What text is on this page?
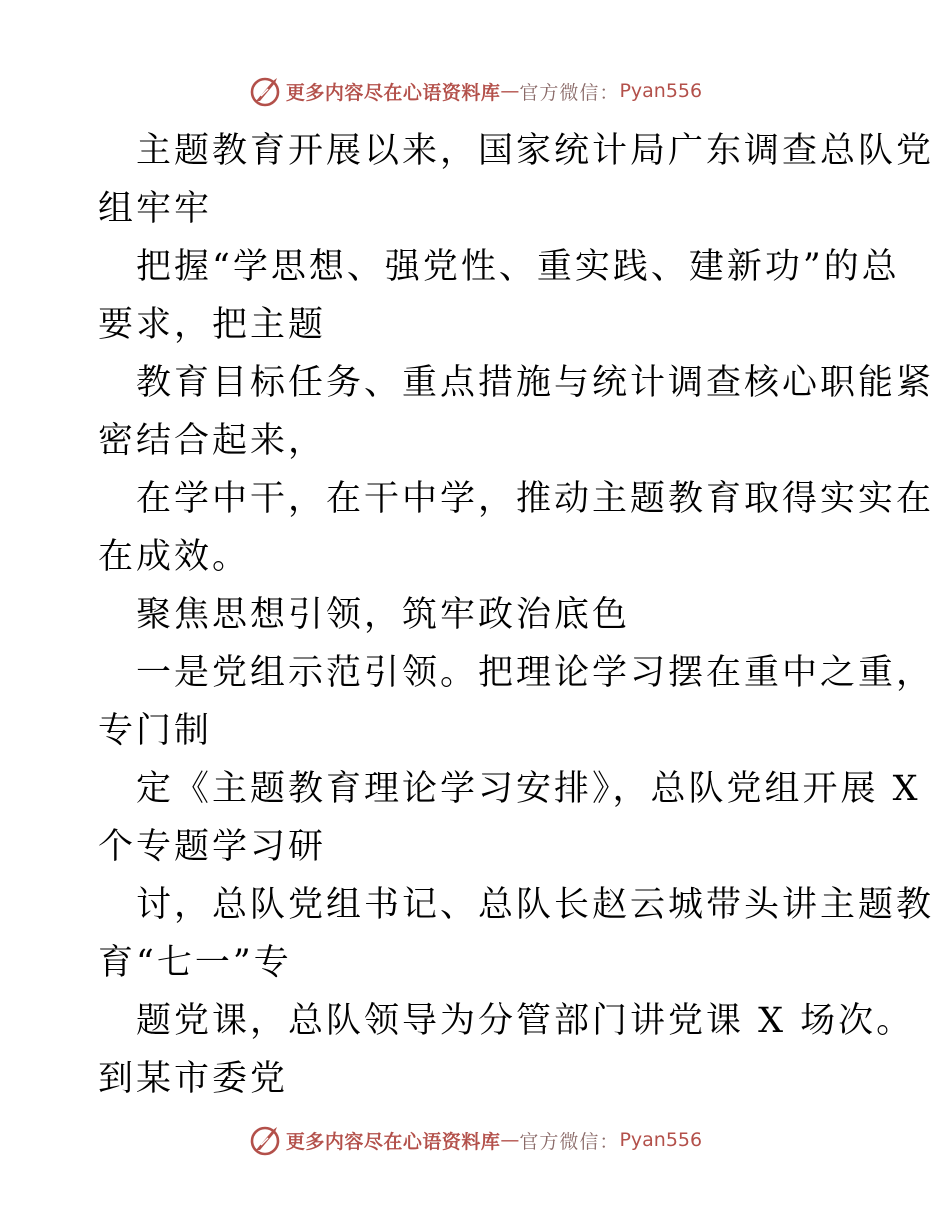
更多内容尽在心语资料库 — 官方微信： Pyan556
主题教育开展以来，国家统计局广东调查总队党
组牢牢
把握“学思想、强党性、重实践、建新功”的总
要求，把主题
教育目标任务、重点措施与统计调查核心职能紧
密结合起来，
在学中干，在干中学，推动主题教育取得实实在
在成效。
聚焦思想引领，筑牢政治底色
一是党组示范引领。把理论学习摆在重中之重，
专门制
定《主题教育理论学习安排》，总队党组开展 X
个专题学习研
讨，总队党组书记、总队长赵云城带头讲主题教
育“七一”专
题党课，总队领导为分管部门讲党课 X 场次。
到某市委党
更多内容尽在心语资料库 — 官方微信： Pyan556
